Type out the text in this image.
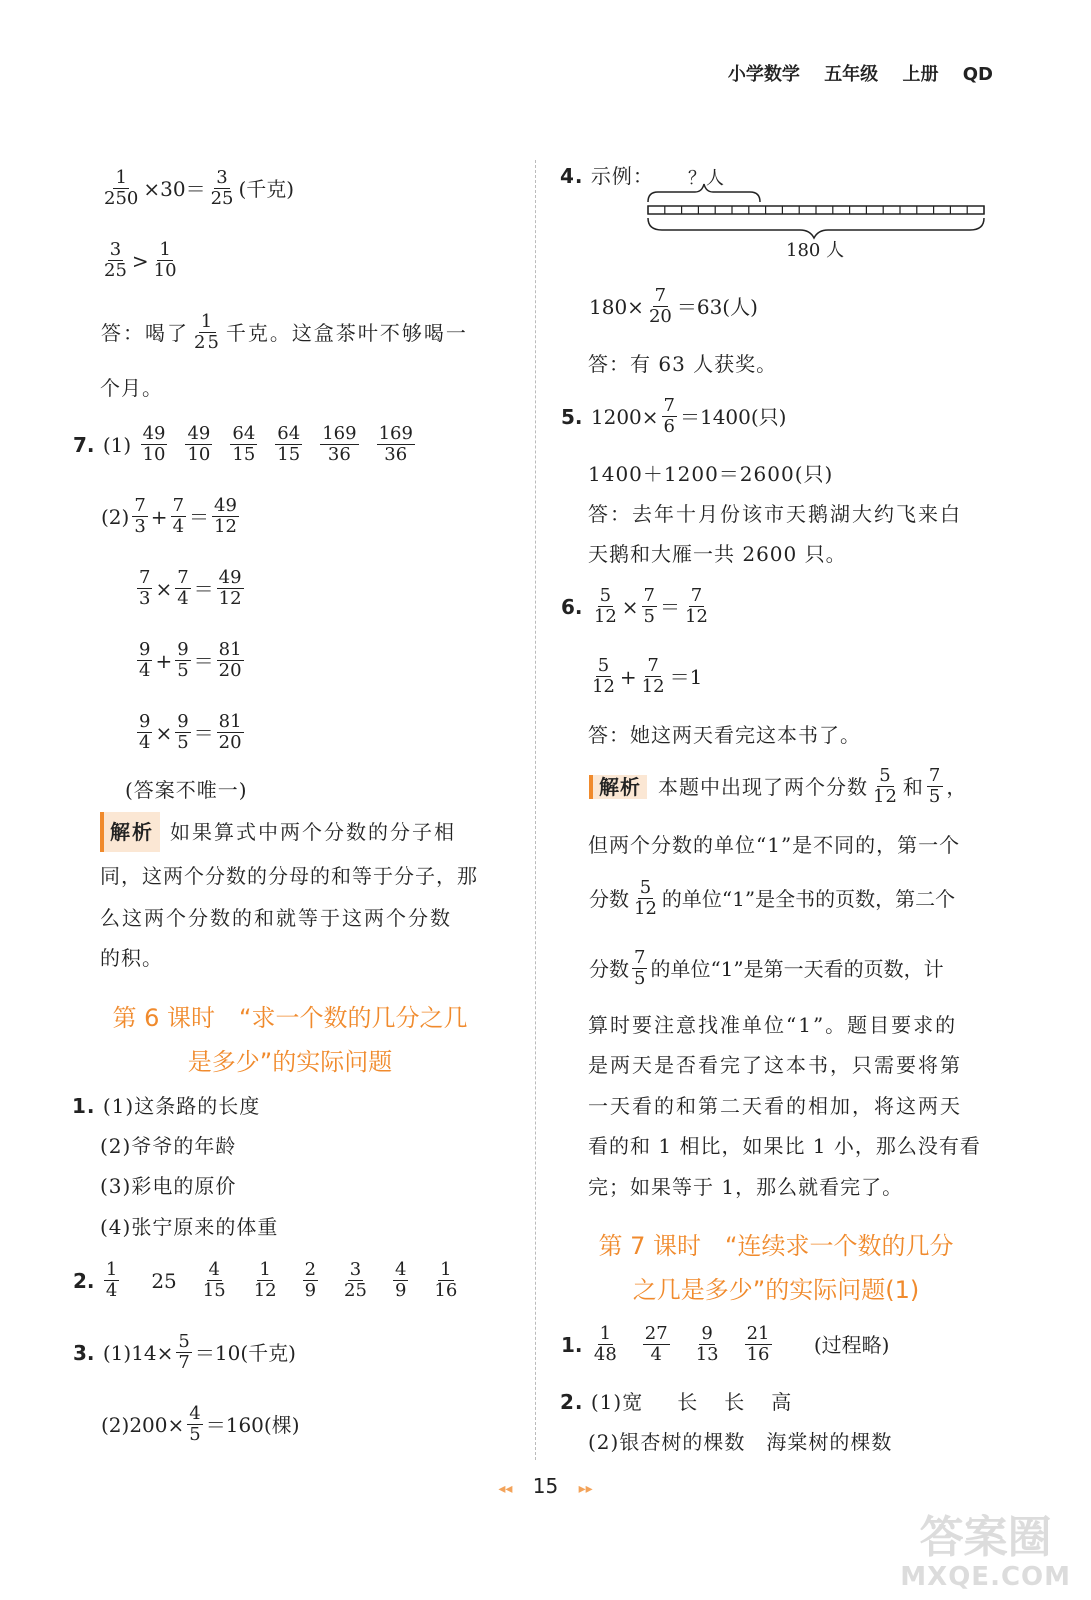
小学数学 五年级 上册 QD
$\frac{1}{250} \times 30= \frac{3}{25}$ (千克)
$\frac{3}{25} > \frac{1}{10}$
答：喝了 $\frac{1}{25}$ 千克。这盒茶叶不够喝一
个月。
7. $(1) \frac{49}{10} \frac{49}{10} \frac{64}{15} \frac{64}{15} \frac{169}{36} \frac{169}{36}$
$(2) \frac{7}{3} + \frac{7}{4} = \frac{49}{12}$
$\frac{7}{3} \times \frac{7}{4} = \frac{49}{12}$
$\frac{9}{4} + \frac{9}{5} = \frac{81}{20}$
$\frac{9}{4} \times \frac{9}{5} = \frac{81}{20}$
(答案不唯一)
解析 如果算式中两个分数的分子相
同，这两个分数的分母的和等于分子，那
么这两个分数的和就等于这两个分数
的积。
第 6 课时　“求一个数的几分之几
是多少”的实际问题
1. (1)这条路的长度
(2)爷爷的年龄
(3)彩电的原价
(4)张宁原来的体重
2. $\frac{1}{4} 25 \frac{4}{15} \frac{1}{12} \frac{2}{9} \frac{3}{25} \frac{4}{9} \frac{1}{16}$
3. $(1)14\times \frac{5}{7} =10$(千克)
$(2)200\times \frac{4}{5} =160$(棵)
4. 示例： ？人
180 人
$180\times \frac{7}{20} =63$(人)
答：有 63 人获奖。
5. $1200\times \frac{7}{6} =1400$(只)
1400＋1200＝2600(只)
答：去年十月份该市天鹅湖大约飞来白
天鹅和大雁一共 2600 只。
6. $\frac{5}{12} \times \frac{7}{5} = \frac{7}{12}$
$\frac{5}{12} + \frac{7}{12} =1$
答：她这两天看完这本书了。
解析 本题中出现了两个分数 $\frac{5}{12}$ 和 $\frac{7}{5}$ ，
但两个分数的单位“1”是不同的，第一个
分数 $\frac{5}{12}$ 的单位“1”是全书的页数，第二个
分数 $\frac{7}{5}$ 的单位“1”是第一天看的页数，计
算时要注意找准单位“1”。题目要求的
是两天是否看完了这本书，只需要将第
一天看的和第二天看的相加，将这两天
看的和 1 相比，如果比 1 小，那么没有看
完；如果等于 1，那么就看完了。
第 7 课时　“连续求一个数的几分
之几是多少”的实际问题(1)
1. $\frac{1}{48} \frac{27}{4} \frac{9}{13} \frac{21}{16}$ (过程略)
2. (1)宽 长 长 高
(2)银杏树的棵数　海棠树的棵数
◂◂ 15 ▸▸
答案圈
MXQE.COM
